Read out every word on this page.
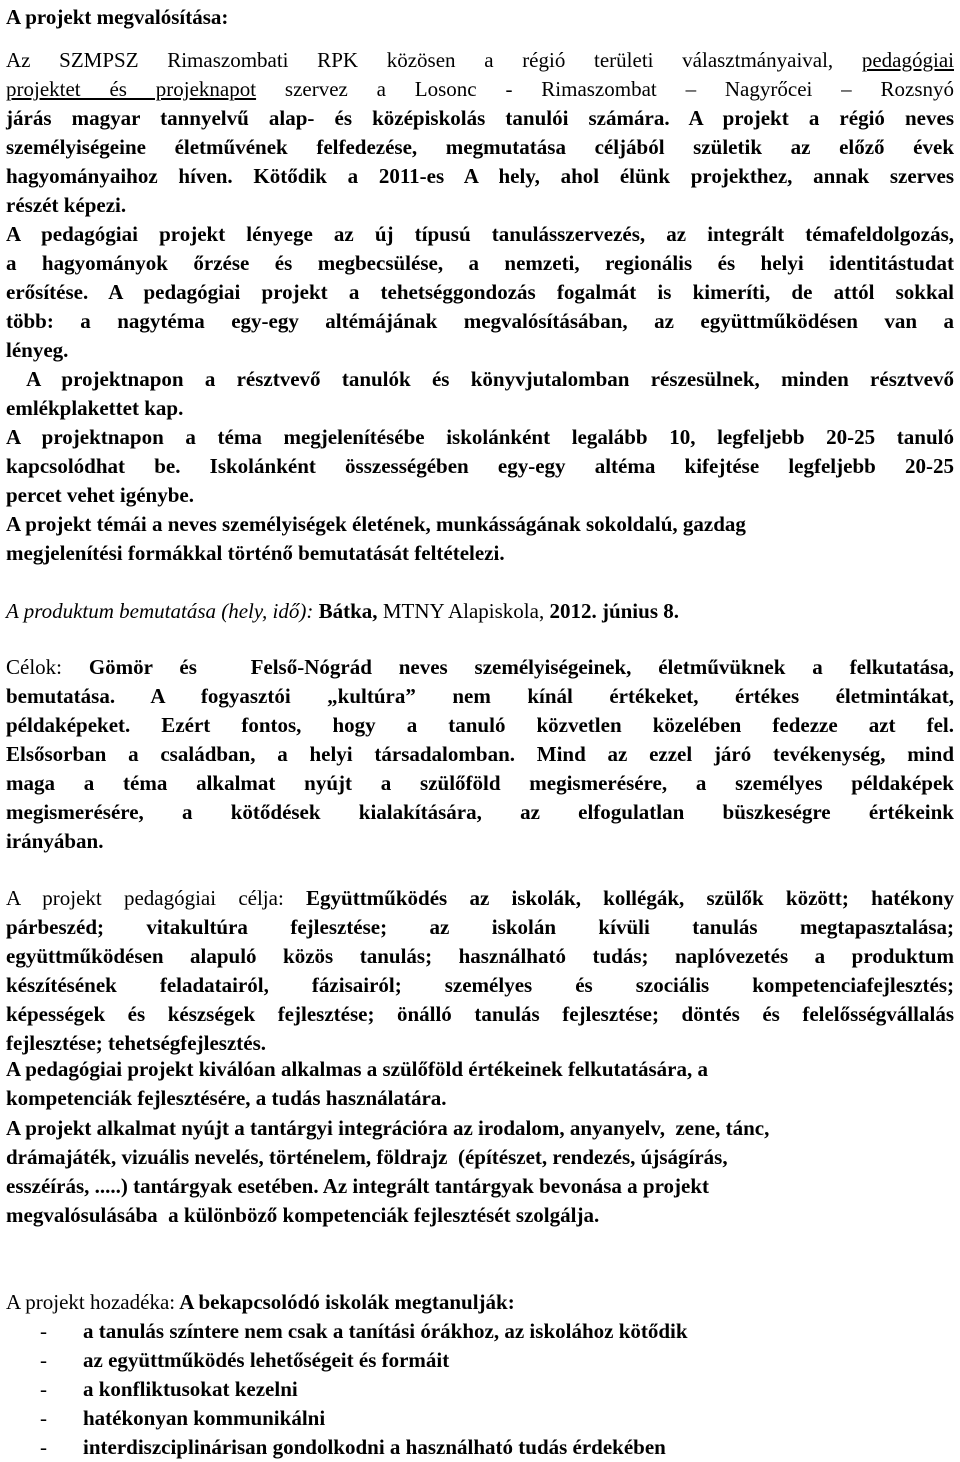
A projekt megvalósítása:
Az SZMPSZ Rimaszombati RPK közösen a régió területi választmányaival, pedagógiai
projektet és projeknapot szervez a Losonc - Rimaszombat – Nagyrőcei – Rozsnyó
járás magyar tannyelvű alap- és középiskolás tanulói számára. A projekt a régió neves
személyiségeine életművének felfedezése, megmutatása céljából születik az előző évek
hagyományaihoz híven. Kötődik a 2011-es A hely, ahol élünk projekthez, annak szerves
részét képezi.
A pedagógiai projekt lényege az új típusú tanulásszervezés, az integrált témafeldolgozás,
a hagyományok őrzése és megbecsülése, a nemzeti, regionális és helyi identitástudat
erősítése. A pedagógiai projekt a tehetséggondozás fogalmát is kimeríti, de attól sokkal
több: a nagytéma egy-egy altémájának megvalósításában, az együttműködésen van a
lényeg.
A projektnapon a résztvevő tanulók és könyvjutalomban részesülnek, minden résztvevő
emlékplakettet kap.
A projektnapon a téma megjelenítésébe iskolánként legalább 10, legfeljebb 20-25 tanuló
kapcsolódhat be. Iskolánként összességében egy-egy altéma kifejtése legfeljebb 20-25
percet vehet igénybe.
A projekt témái a neves személyiségek életének, munkásságának sokoldalú, gazdag
megjelenítési formákkal történő bemutatását feltételezi.
A produktum bemutatása (hely, idő): Bátka, MTNY Alapiskola, 2012. június 8.
Célok: Gömör és  Felső-Nógrád neves személyiségeinek, életművüknek a felkutatása,
bemutatása. A fogyasztói „kultúra” nem kínál értékeket, értékes életmintákat,
példaképeket. Ezért fontos, hogy a tanuló közvetlen közelében fedezze azt fel.
Elsősorban a családban, a helyi társadalomban. Mind az ezzel járó tevékenység, mind
maga a téma alkalmat nyújt a szülőföld megismerésére, a személyes példaképek
megismerésére, a kötődések kialakítására, az elfogulatlan büszkeségre értékeink
irányában.
A projekt pedagógiai célja: Együttműködés az iskolák, kollégák, szülők között; hatékony
párbeszéd; vitakultúra fejlesztése; az iskolán kívüli tanulás megtapasztalása;
együttműködésen alapuló közös tanulás; használható tudás; naplóvezetés a produktum
készítésének feladatairól, fázisairól; személyes és szociális kompetenciafejlesztés;
képességek és készségek fejlesztése; önálló tanulás fejlesztése; döntés és felelősségvállalás
fejlesztése; tehetségfejlesztés.
A pedagógiai projekt kiválóan alkalmas a szülőföld értékeinek felkutatására, a
kompetenciák fejlesztésére, a tudás használatára.
A projekt alkalmat nyújt a tantárgyi integrációra az irodalom, anyanyelv,  zene, tánc,
drámajáték, vizuális nevelés, történelem, földrajz  (építészet, rendezés, újságírás,
esszéírás, .....) tantárgyak esetében. Az integrált tantárgyak bevonása a projekt
megvalósulásába  a különböző kompetenciák fejlesztését szolgálja.
A projekt hozadéka: A bekapcsolódó iskolák megtanulják:
- a tanulás színtere nem csak a tanítási órákhoz, az iskolához kötődik
- az együttműködés lehetőségeit és formáit
- a konfliktusokat kezelni
- hatékonyan kommunikálni
- interdiszciplinárisan gondolkodni a használható tudás érdekében
